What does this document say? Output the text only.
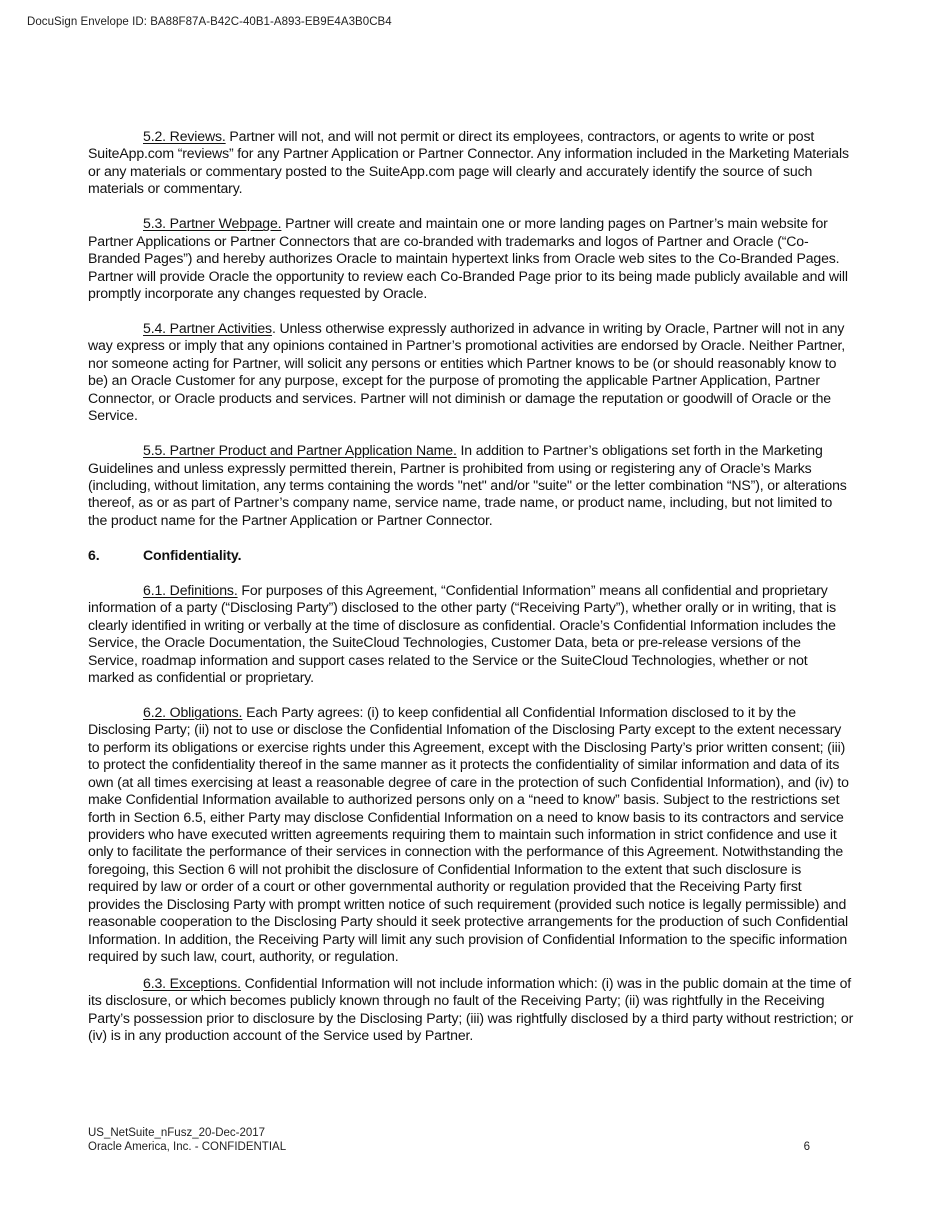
DocuSign Envelope ID: BA88F87A-B42C-40B1-A893-EB9E4A3B0CB4

5.2. Reviews. Partner will not, and will not permit or direct its employees, contractors, or agents to write or post SuiteApp.com “reviews” for any Partner Application or Partner Connector. Any information included in the Marketing Materials or any materials or commentary posted to the SuiteApp.com page will clearly and accurately identify the source of such materials or commentary.

5.3. Partner Webpage. Partner will create and maintain one or more landing pages on Partner’s main website for Partner Applications or Partner Connectors that are co-branded with trademarks and logos of Partner and Oracle (“Co-Branded Pages”) and hereby authorizes Oracle to maintain hypertext links from Oracle web sites to the Co-Branded Pages. Partner will provide Oracle the opportunity to review each Co-Branded Page prior to its being made publicly available and will promptly incorporate any changes requested by Oracle.

5.4. Partner Activities. Unless otherwise expressly authorized in advance in writing by Oracle, Partner will not in any way express or imply that any opinions contained in Partner’s promotional activities are endorsed by Oracle. Neither Partner, nor someone acting for Partner, will solicit any persons or entities which Partner knows to be (or should reasonably know to be) an Oracle Customer for any purpose, except for the purpose of promoting the applicable Partner Application, Partner Connector, or Oracle products and services. Partner will not diminish or damage the reputation or goodwill of Oracle or the Service.

5.5. Partner Product and Partner Application Name. In addition to Partner’s obligations set forth in the Marketing Guidelines and unless expressly permitted therein, Partner is prohibited from using or registering any of Oracle’s Marks (including, without limitation, any terms containing the words "net" and/or "suite" or the letter combination “NS”), or alterations thereof, as or as part of Partner’s company name, service name, trade name, or product name, including, but not limited to the product name for the Partner Application or Partner Connector.

6.	Confidentiality.

6.1. Definitions. For purposes of this Agreement, “Confidential Information” means all confidential and proprietary information of a party (“Disclosing Party”) disclosed to the other party (“Receiving Party”), whether orally or in writing, that is clearly identified in writing or verbally at the time of disclosure as confidential. Oracle’s Confidential Information includes the Service, the Oracle Documentation, the SuiteCloud Technologies, Customer Data, beta or pre-release versions of the Service, roadmap information and support cases related to the Service or the SuiteCloud Technologies, whether or not marked as confidential or proprietary.

6.2. Obligations. Each Party agrees: (i) to keep confidential all Confidential Information disclosed to it by the Disclosing Party; (ii) not to use or disclose the Confidential Infomation of the Disclosing Party except to the extent necessary to perform its obligations or exercise rights under this Agreement, except with the Disclosing Party’s prior written consent; (iii) to protect the confidentiality thereof in the same manner as it protects the confidentiality of similar information and data of its own (at all times exercising at least a reasonable degree of care in the protection of such Confidential Information), and (iv) to make Confidential Information available to authorized persons only on a “need to know” basis. Subject to the restrictions set forth in Section 6.5, either Party may disclose Confidential Information on a need to know basis to its contractors and service providers who have executed written agreements requiring them to maintain such information in strict confidence and use it only to facilitate the performance of their services in connection with the performance of this Agreement. Notwithstanding the foregoing, this Section 6 will not prohibit the disclosure of Confidential Information to the extent that such disclosure is required by law or order of a court or other governmental authority or regulation provided that the Receiving Party first provides the Disclosing Party with prompt written notice of such requirement (provided such notice is legally permissible) and reasonable cooperation to the Disclosing Party should it seek protective arrangements for the production of such Confidential Information. In addition, the Receiving Party will limit any such provision of Confidential Information to the specific information required by such law, court, authority, or regulation.

6.3. Exceptions. Confidential Information will not include information which: (i) was in the public domain at the time of its disclosure, or which becomes publicly known through no fault of the Receiving Party; (ii) was rightfully in the Receiving Party’s possession prior to disclosure by the Disclosing Party; (iii) was rightfully disclosed by a third party without restriction; or (iv) is in any production account of the Service used by Partner.

US_NetSuite_nFusz_20-Dec-2017
Oracle America, Inc. - CONFIDENTIAL	6
